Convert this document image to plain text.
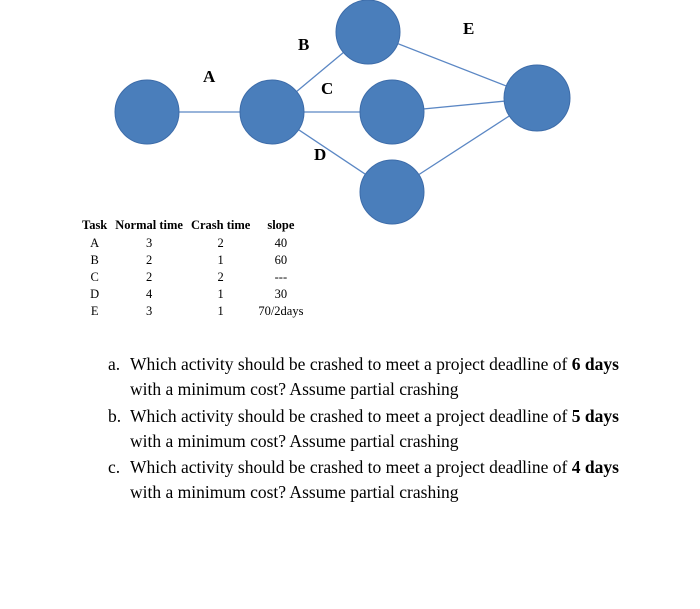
A
B
C
D
E
Task	Normal time	Crash time	slope
A	3	2	40
B	2	1	60
C	2	2	---
D	4	1	30
E	3	1	70/2days
a. Which activity should be crashed to meet a project deadline of 6 days with a minimum cost? Assume partial crashing
b. Which activity should be crashed to meet a project deadline of 5 days with a minimum cost? Assume partial crashing
c. Which activity should be crashed to meet a project deadline of 4 days with a minimum cost? Assume partial crashing
